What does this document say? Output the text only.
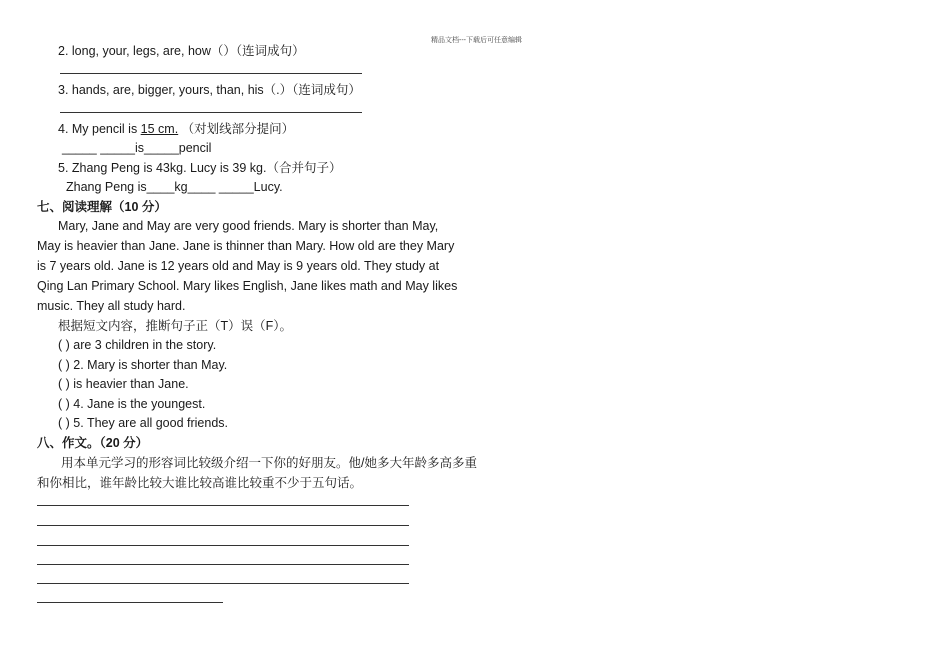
精品文档---下载后可任意编辑
2. long, your, legs, are, how（）（连词成句）
3. hands, are, bigger, yours, than, his（.）（连词成句）
4. My pencil is 15 cm. （对划线部分提问）
_____ _____is_____pencil
5. Zhang Peng is 43kg. Lucy is 39 kg.（合并句子）
Zhang Peng is____kg____ _____Lucy.
七、阅读理解（10 分）
Mary, Jane and May are very good friends. Mary is shorter than May,
May is heavier than Jane. Jane is thinner than Mary. How old are they Mary
is 7 years old. Jane is 12 years old and May is 9 years old. They study at
Qing Lan Primary School. Mary likes English, Jane likes math and May likes
music. They all study hard.
根据短文内容，推断句子正（T）误（F）。
( ) are 3 children in the story.
( ) 2. Mary is shorter than May.
( ) is heavier than Jane.
( ) 4. Jane is the youngest.
( ) 5. They are all good friends.
八、作文。（20 分）
用本单元学习的形容词比较级介绍一下你的好朋友。他/她多大年龄多高多重
和你相比，谁年龄比较大谁比较高谁比较重不少于五句话。
